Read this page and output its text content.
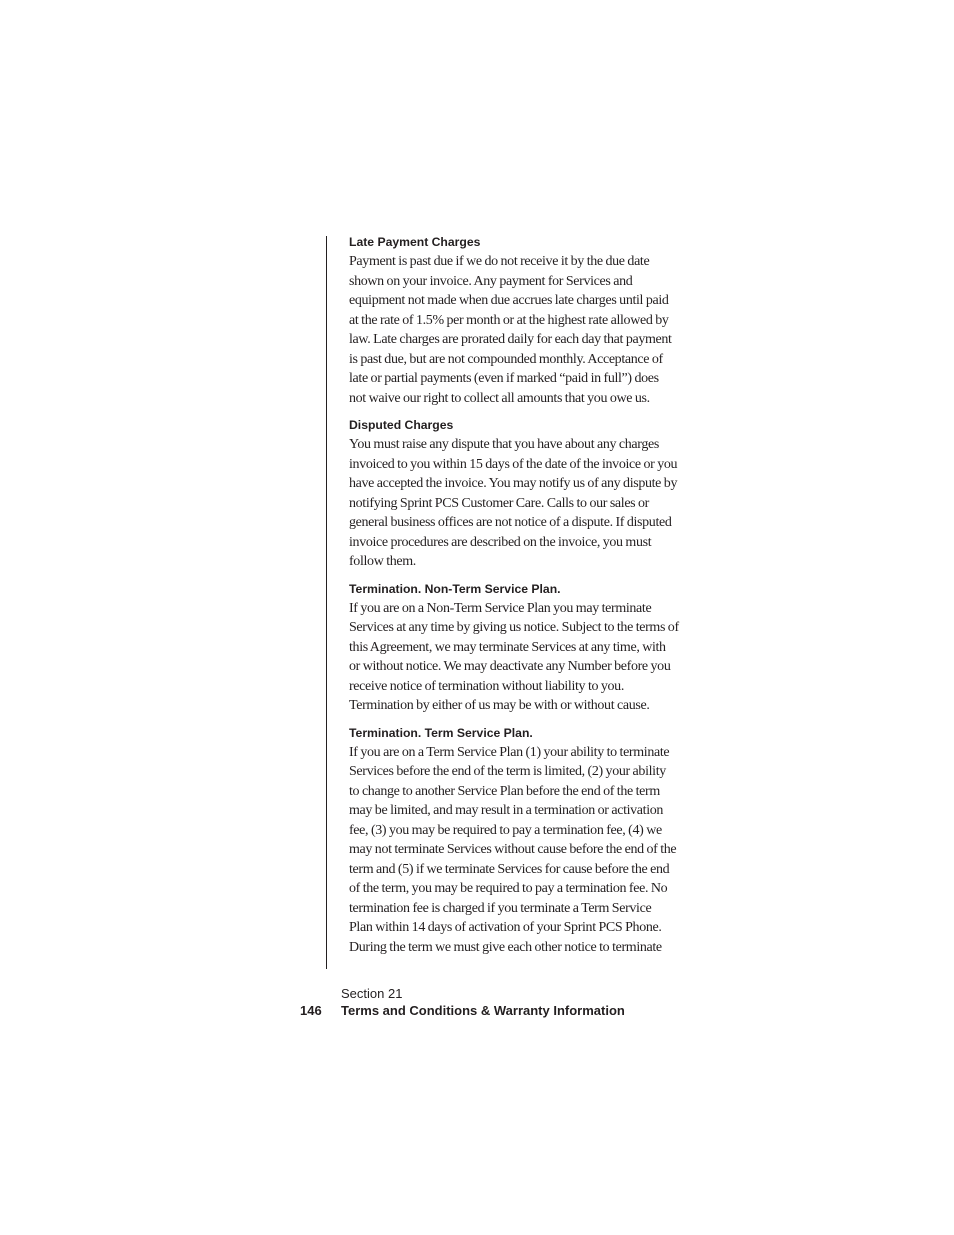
Late Payment Charges
Payment is past due if we do not receive it by the due date
shown on your invoice. Any payment for Services and
equipment not made when due accrues late charges until paid
at the rate of 1.5% per month or at the highest rate allowed by
law. Late charges are prorated daily for each day that payment
is past due, but are not compounded monthly. Acceptance of
late or partial payments (even if marked “paid in full”) does
not waive our right to collect all amounts that you owe us.
Disputed Charges
You must raise any dispute that you have about any charges
invoiced to you within 15 days of the date of the invoice or you
have accepted the invoice. You may notify us of any dispute by
notifying Sprint PCS Customer Care. Calls to our sales or
general business offices are not notice of a dispute. If disputed
invoice procedures are described on the invoice, you must
follow them.
Termination. Non-Term Service Plan.
If you are on a Non-Term Service Plan you may terminate
Services at any time by giving us notice. Subject to the terms of
this Agreement, we may terminate Services at any time, with
or without notice. We may deactivate any Number before you
receive notice of termination without liability to you.
Termination by either of us may be with or without cause.
Termination. Term Service Plan.
If you are on a Term Service Plan (1) your ability to terminate
Services before the end of the term is limited, (2) your ability
to change to another Service Plan before the end of the term
may be limited, and may result in a termination or activation
fee, (3) you may be required to pay a termination fee, (4) we
may not terminate Services without cause before the end of the
term and (5) if we terminate Services for cause before the end
of the term, you may be required to pay a termination fee. No
termination fee is charged if you terminate a Term Service
Plan within 14 days of activation of your Sprint PCS Phone.
During the term we must give each other notice to terminate
Section 21
146 Terms and Conditions & Warranty Information
